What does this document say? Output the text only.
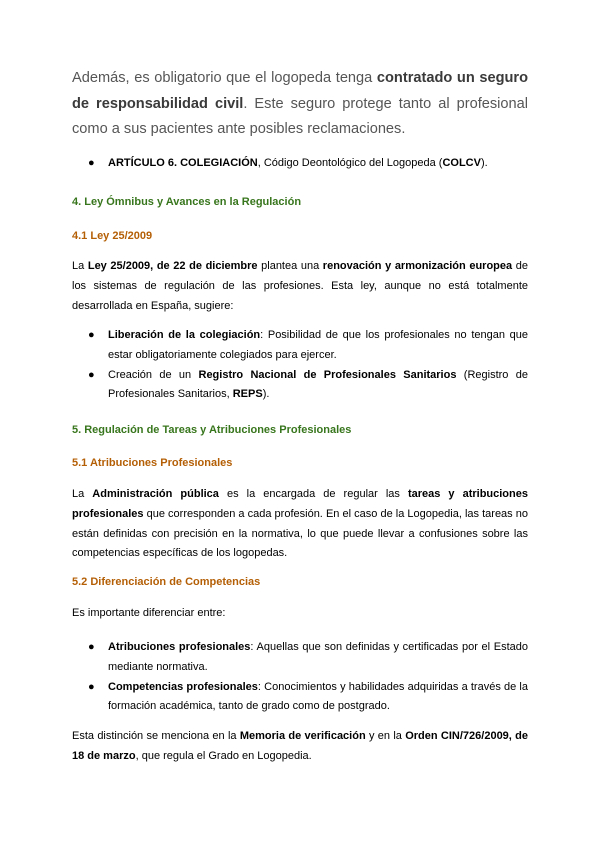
Además, es obligatorio que el logopeda tenga contratado un seguro de responsabilidad civil. Este seguro protege tanto al profesional como a sus pacientes ante posibles reclamaciones.

● ARTÍCULO 6. COLEGIACIÓN, Código Deontológico del Logopeda (COLCV).

4. Ley Ómnibus y Avances en la Regulación

4.1 Ley 25/2009

La Ley 25/2009, de 22 de diciembre plantea una renovación y armonización europea de los sistemas de regulación de las profesiones. Esta ley, aunque no está totalmente desarrollada en España, sugiere:

● Liberación de la colegiación: Posibilidad de que los profesionales no tengan que estar obligatoriamente colegiados para ejercer.
● Creación de un Registro Nacional de Profesionales Sanitarios (Registro de Profesionales Sanitarios, REPS).

5. Regulación de Tareas y Atribuciones Profesionales

5.1 Atribuciones Profesionales

La Administración pública es la encargada de regular las tareas y atribuciones profesionales que corresponden a cada profesión. En el caso de la Logopedia, las tareas no están definidas con precisión en la normativa, lo que puede llevar a confusiones sobre las competencias específicas de los logopedas.

5.2 Diferenciación de Competencias

Es importante diferenciar entre:

● Atribuciones profesionales: Aquellas que son definidas y certificadas por el Estado mediante normativa.
● Competencias profesionales: Conocimientos y habilidades adquiridas a través de la formación académica, tanto de grado como de postgrado.

Esta distinción se menciona en la Memoria de verificación y en la Orden CIN/726/2009, de 18 de marzo, que regula el Grado en Logopedia.
